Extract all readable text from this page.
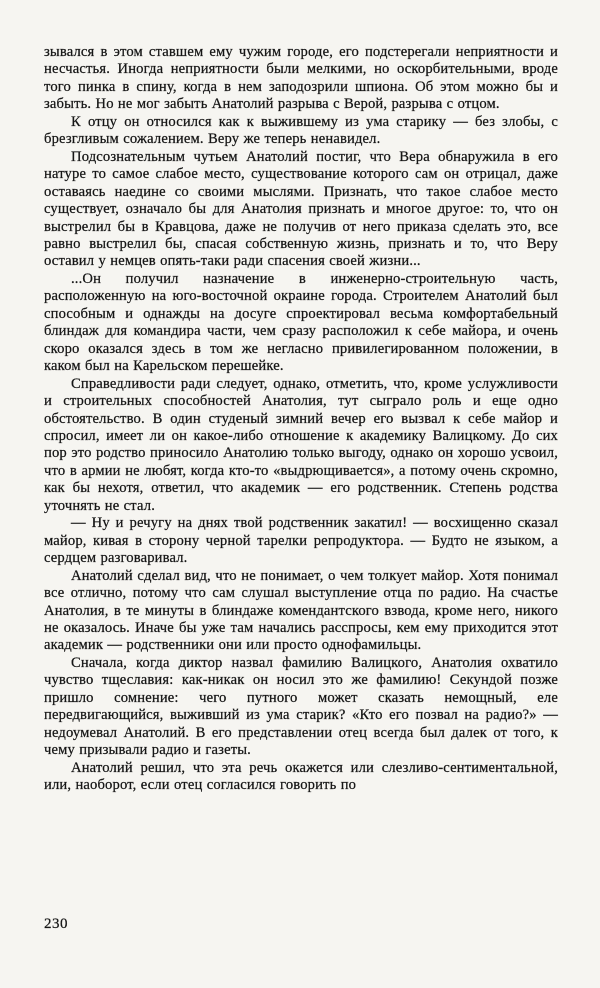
зывался в этом ставшем ему чужим городе, его подстерегали неприятности и несчастья. Иногда неприятности были мелкими, но оскорбительными, вроде того пинка в спину, когда в нем заподозрили шпиона. Об этом можно бы и забыть. Но не мог забыть Анатолий разрыва с Верой, разрыва с отцом.

К отцу он относился как к выжившему из ума старику — без злобы, с брезгливым сожалением. Веру же теперь ненавидел.

Подсознательным чутьем Анатолий постиг, что Вера обнаружила в его натуре то самое слабое место, существование которого сам он отрицал, даже оставаясь наедине со своими мыслями. Признать, что такое слабое место существует, означало бы для Анатолия признать и многое другое: то, что он выстрелил бы в Кравцова, даже не получив от него приказа сделать это, все равно выстрелил бы, спасая собственную жизнь, признать и то, что Веру оставил у немцев опять-таки ради спасения своей жизни...

...Он получил назначение в инженерно-строительную часть, расположенную на юго-восточной окраине города. Строителем Анатолий был способным и однажды на досуге спроектировал весьма комфортабельный блиндаж для командира части, чем сразу расположил к себе майора, и очень скоро оказался здесь в том же негласно привилегированном положении, в каком был на Карельском перешейке.

Справедливости ради следует, однако, отметить, что, кроме услужливости и строительных способностей Анатолия, тут сыграло роль и еще одно обстоятельство. В один студеный зимний вечер его вызвал к себе майор и спросил, имеет ли он какое-либо отношение к академику Валицкому. До сих пор это родство приносило Анатолию только выгоду, однако он хорошо усвоил, что в армии не любят, когда кто-то «выдрющивается», а потому очень скромно, как бы нехотя, ответил, что академик — его родственник. Степень родства уточнять не стал.

— Ну и речугу на днях твой родственник закатил! — восхищенно сказал майор, кивая в сторону черной тарелки репродуктора. — Будто не языком, а сердцем разговаривал.

Анатолий сделал вид, что не понимает, о чем толкует майор. Хотя понимал все отлично, потому что сам слушал выступление отца по радио. На счастье Анатолия, в те минуты в блиндаже комендантского взвода, кроме него, никого не оказалось. Иначе бы уже там начались расспросы, кем ему приходится этот академик — родственники они или просто однофамильцы.

Сначала, когда диктор назвал фамилию Валицкого, Анатолия охватило чувство тщеславия: как-никак он носил это же фамилию! Секундой позже пришло сомнение: чего путного может сказать немощный, еле передвигающийся, выживший из ума старик? «Кто его позвал на радио?» — недоумевал Анатолий. В его представлении отец всегда был далек от того, к чему призывали радио и газеты.

Анатолий решил, что эта речь окажется или слезливо-сентиментальной, или, наоборот, если отец согласился говорить по

230
